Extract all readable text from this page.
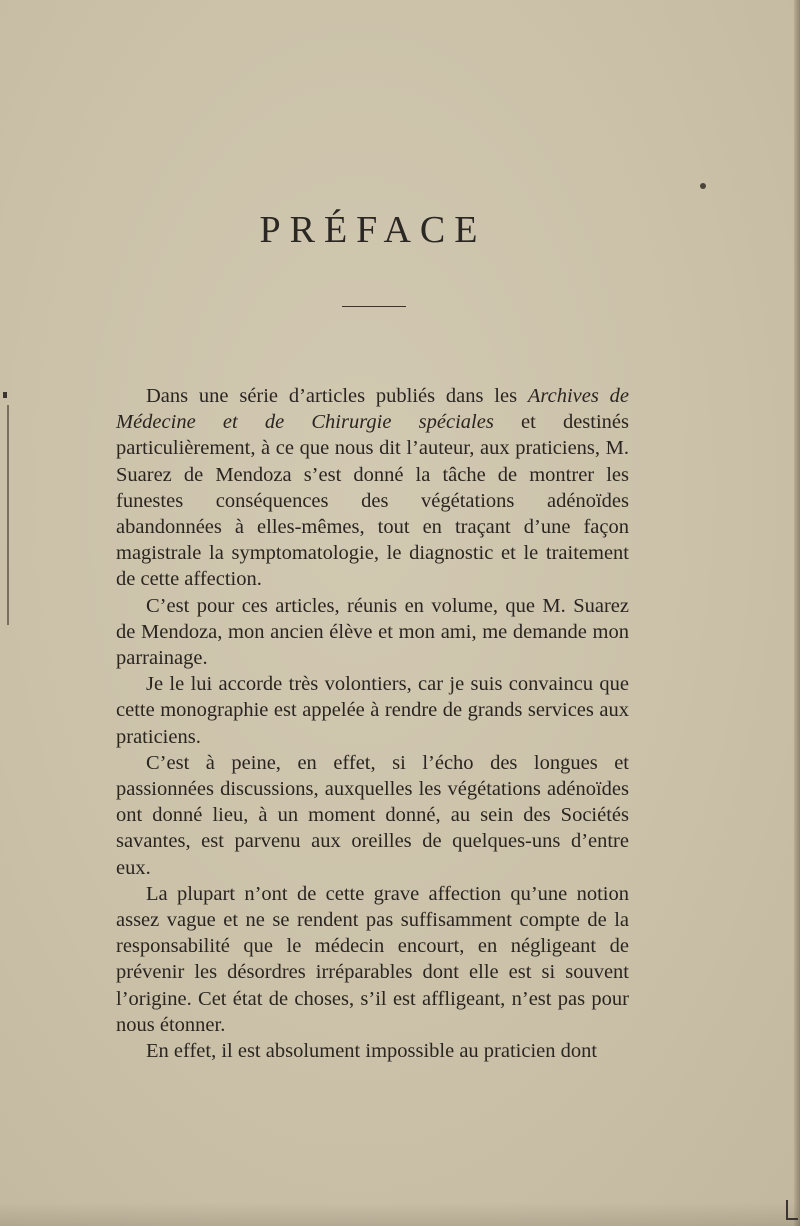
PRÉFACE

Dans une série d’articles publiés dans les Archives de Médecine et de Chirurgie spéciales et destinés particulièrement, à ce que nous dit l’auteur, aux praticiens, M. Suarez de Mendoza s’est donné la tâche de montrer les funestes conséquences des végétations adénoïdes abandonnées à elles-mêmes, tout en traçant d’une façon magistrale la symptomatologie, le diagnostic et le traitement de cette affection.

C’est pour ces articles, réunis en volume, que M. Suarez de Mendoza, mon ancien élève et mon ami, me demande mon parrainage.

Je le lui accorde très volontiers, car je suis convaincu que cette monographie est appelée à rendre de grands services aux praticiens.

C’est à peine, en effet, si l’écho des longues et passionnées discussions, auxquelles les végétations adénoïdes ont donné lieu, à un moment donné, au sein des Sociétés savantes, est parvenu aux oreilles de quelques-uns d’entre eux.

La plupart n’ont de cette grave affection qu’une notion assez vague et ne se rendent pas suffisamment compte de la responsabilité que le médecin encourt, en négligeant de prévenir les désordres irréparables dont elle est si souvent l’origine. Cet état de choses, s’il est affligeant, n’est pas pour nous étonner.

En effet, il est absolument impossible au praticien dont
